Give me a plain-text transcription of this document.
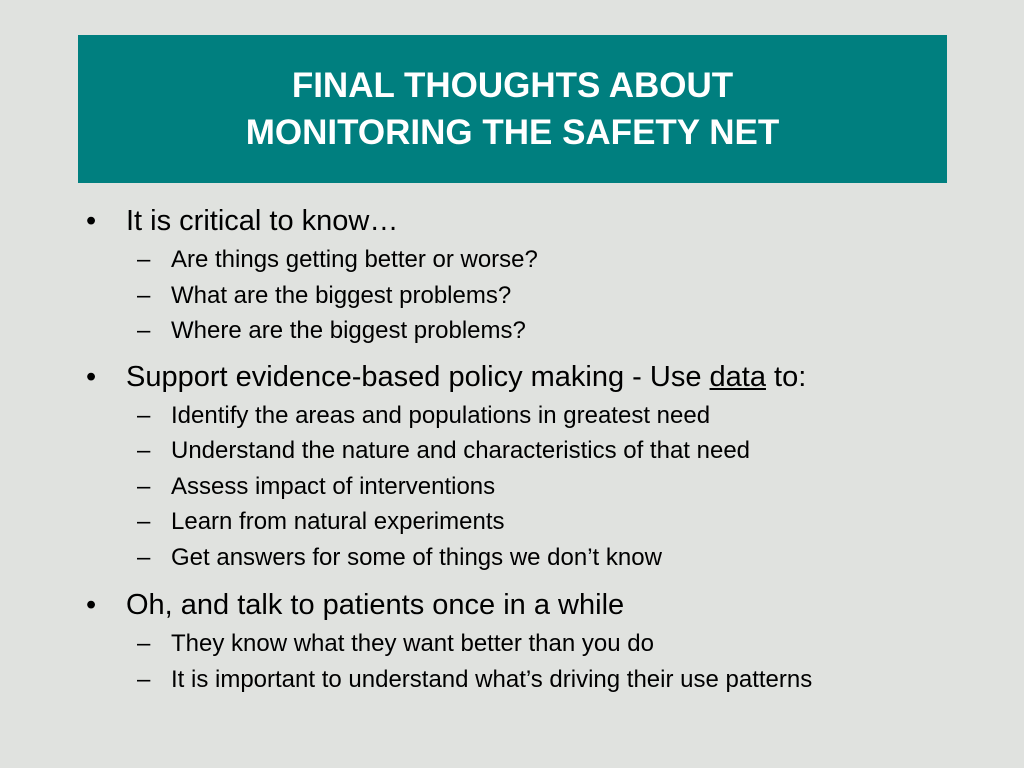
FINAL THOUGHTS ABOUT
MONITORING THE SAFETY NET
• It is critical to know…
– Are things getting better or worse?
– What are the biggest problems?
– Where are the biggest problems?
• Support evidence-based policy making - Use data to:
– Identify the areas and populations in greatest need
– Understand the nature and characteristics of that need
– Assess impact of interventions
– Learn from natural experiments
– Get answers for some of things we don’t know
• Oh, and talk to patients once in a while
– They know what they want better than you do
– It is important to understand what’s driving their use patterns
